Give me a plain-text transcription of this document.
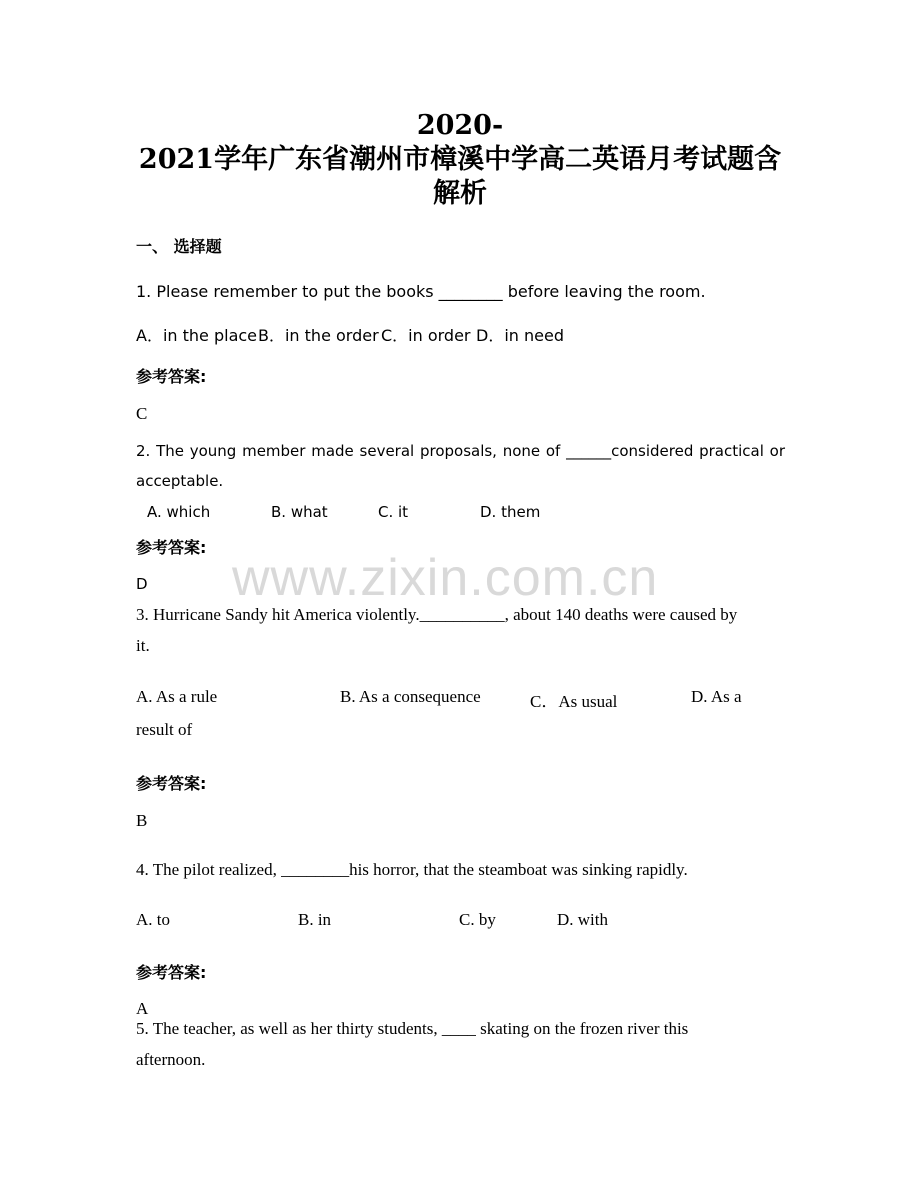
2020-
2021学年广东省潮州市樟溪中学高二英语月考试题含
解析
一、 选择题
1. Please remember to put the books ________ before leaving the room.
A．in the place B．in the order C．in order D．in need
参考答案:
C
2. The young member made several proposals, none of ______considered practical or
acceptable.
A. which	B. what	C. it	D. them
参考答案:
D www.zixin.com.cn
3. Hurricane Sandy hit America violently.__________, about 140 deaths were caused by
it.
A. As a rule	B. As a consequence	C．As usual	D. As a
result of
参考答案:
B
4. The pilot realized, ________his horror, that the steamboat was sinking rapidly.
A. to	B. in	C. by	D. with
参考答案:
A
5. The teacher, as well as her thirty students, ____ skating on the frozen river this
afternoon.
